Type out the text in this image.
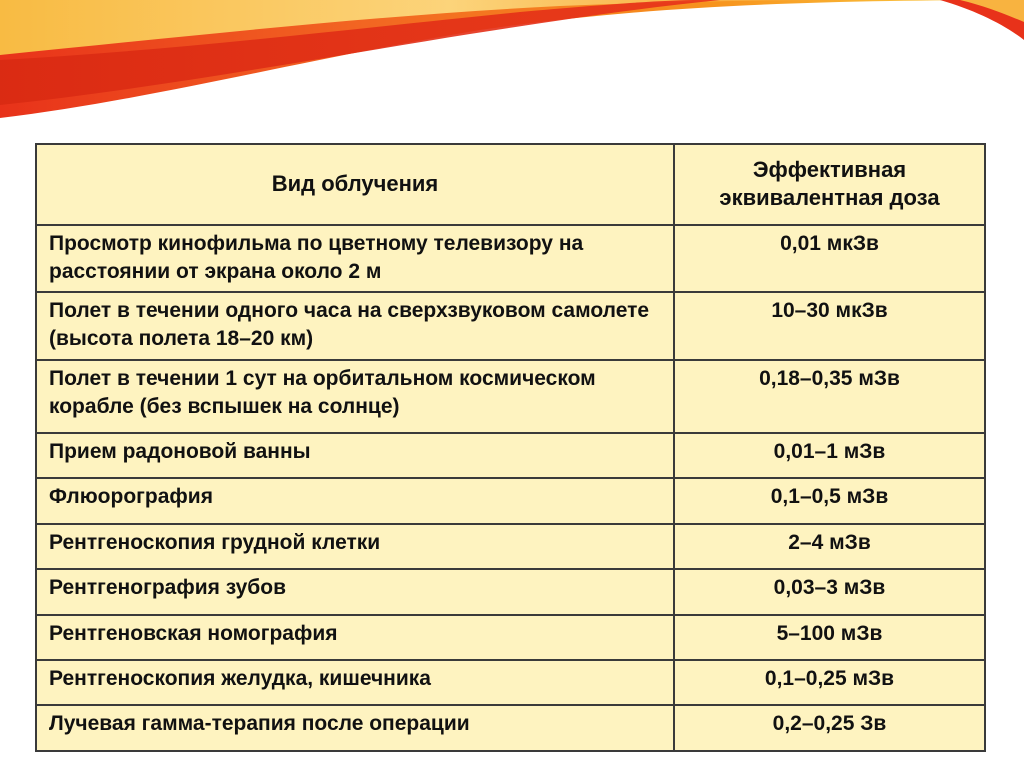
Вид облучения	Эффективная эквивалентная доза
Просмотр кинофильма по цветному телевизору на расстоянии от экрана около 2 м	0,01 мкЗв
Полет в течении одного часа на сверхзвуковом самолете (высота полета 18–20 км)	10–30 мкЗв
Полет в течении 1 сут на орбитальном космическом корабле (без вспышек на солнце)	0,18–0,35 мЗв
Прием радоновой ванны	0,01–1 мЗв
Флюорография	0,1–0,5 мЗв
Рентгеноскопия грудной клетки	2–4 мЗв
Рентгенография зубов	0,03–3 мЗв
Рентгеновская номография	5–100 мЗв
Рентгеноскопия желудка, кишечника	0,1–0,25 мЗв
Лучевая гамма-терапия после операции	0,2–0,25 Зв
